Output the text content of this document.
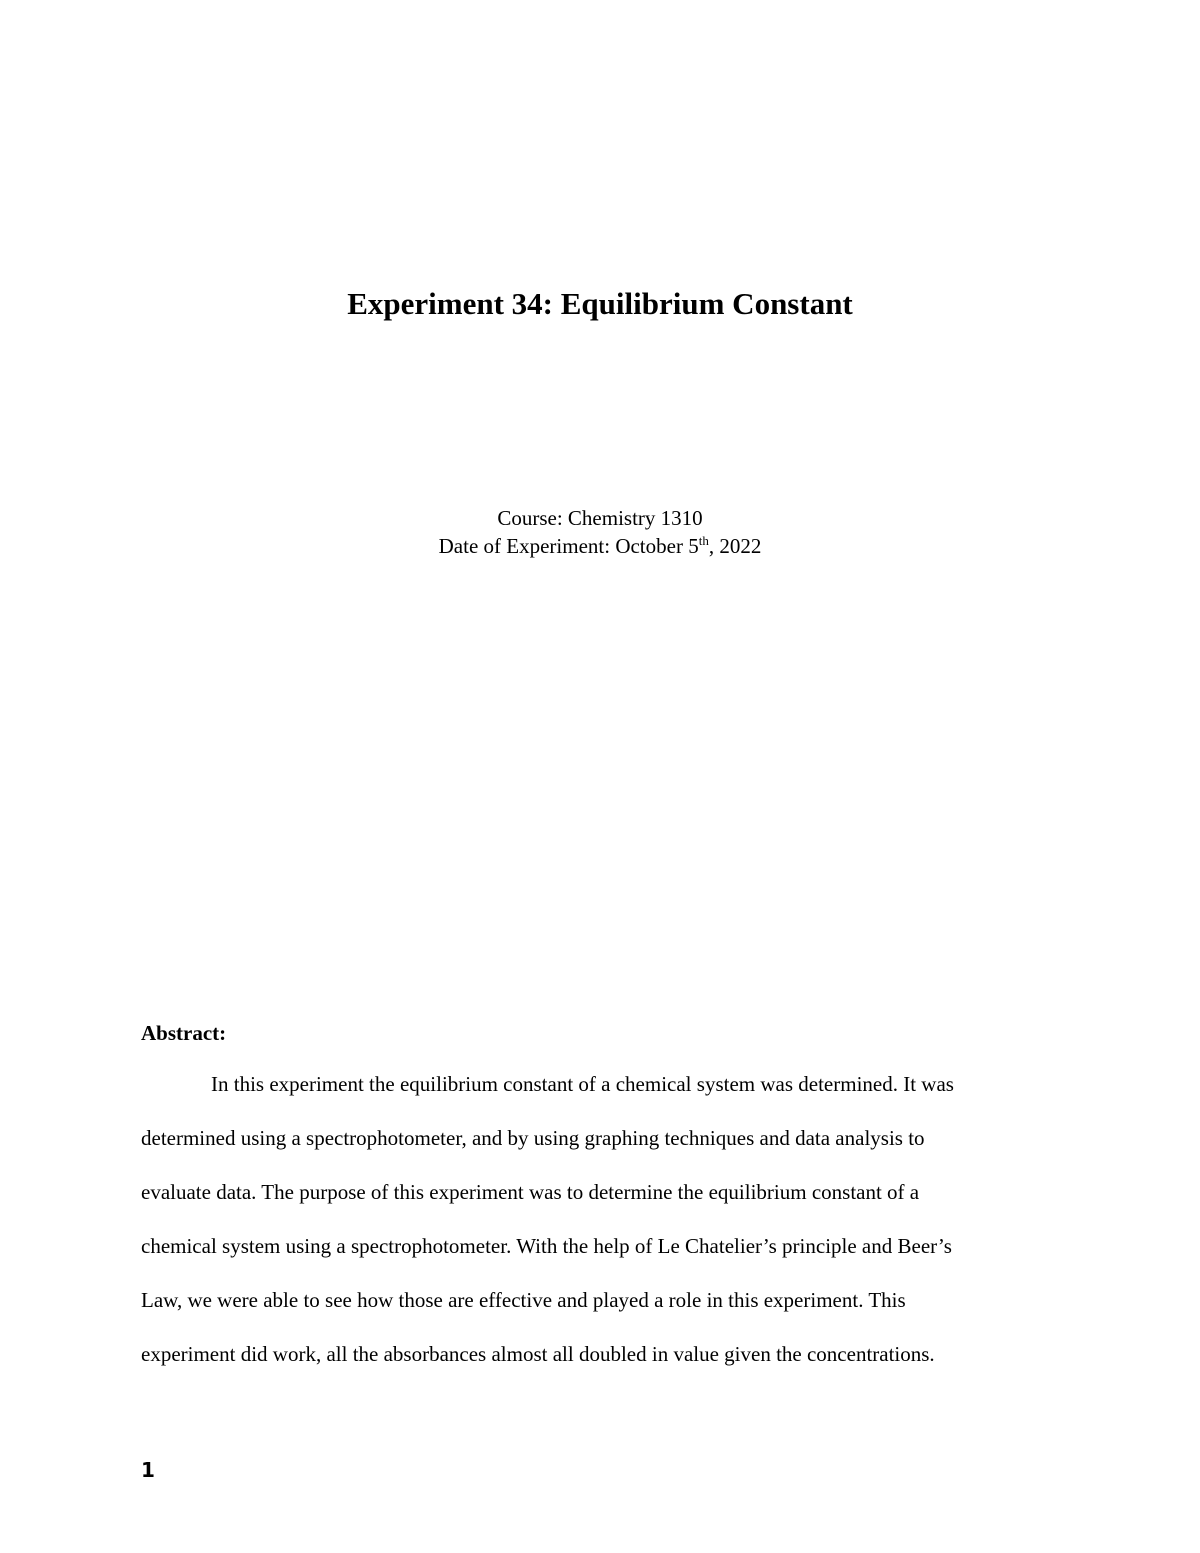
Experiment 34: Equilibrium Constant
Course: Chemistry 1310
Date of Experiment: October 5th, 2022
Abstract:
In this experiment the equilibrium constant of a chemical system was determined. It was
determined using a spectrophotometer, and by using graphing techniques and data analysis to
evaluate data. The purpose of this experiment was to determine the equilibrium constant of a
chemical system using a spectrophotometer. With the help of Le Chatelier’s principle and Beer’s
Law, we were able to see how those are effective and played a role in this experiment. This
experiment did work, all the absorbances almost all doubled in value given the concentrations.
1
